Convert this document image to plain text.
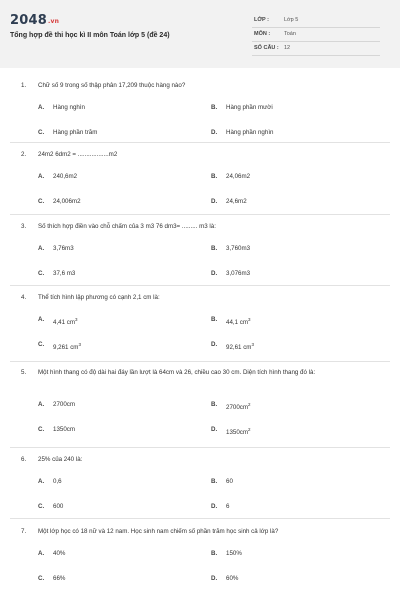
2048.vn
Tổng hợp đề thi học kì II môn Toán lớp 5 (đề 24)
LỚP :	Lớp 5
MÔN :	Toán
SỐ CÂU : 12
1. Chữ số 9 trong số thập phân 17,209 thuộc hàng nào?
A. Hàng nghìn	B. Hàng phần mười
C. Hàng phần trăm	D. Hàng phần nghìn
2. 24m2 6dm2 = ..................m2
A. 240,6m2	B. 24,06m2
C. 24,006m2	D. 24,6m2
3. Số thích hợp điền vào chỗ chấm của 3 m3 76 dm3= ......... m3 là:
A. 3,76m3	B. 3,760m3
C. 37,6 m3	D. 3,076m3
4. Thể tích hình lập phương có cạnh 2,1 cm là:
A. 4,41 $cm^3$	B. 44,1 $cm^3$
C. 9,261 $cm^3$	D. 92,61 $cm^3$
5. Một hình thang có độ dài hai đáy lần lượt là 64cm và 26, chiều cao 30 cm. Diện tích hình thang đó là:
A. 2700cm	B. $2700cm^2$
C. 1350cm	D. $1350cm^2$
6. 25% của 240 là:
A. 0,6	B. 60
C. 600	D. 6
7. Một lớp học có 18 nữ và 12 nam. Học sinh nam chiếm số phần trăm học sinh cả lớp là?
A. 40%	B. 150%
C. 66%	D. 60%
